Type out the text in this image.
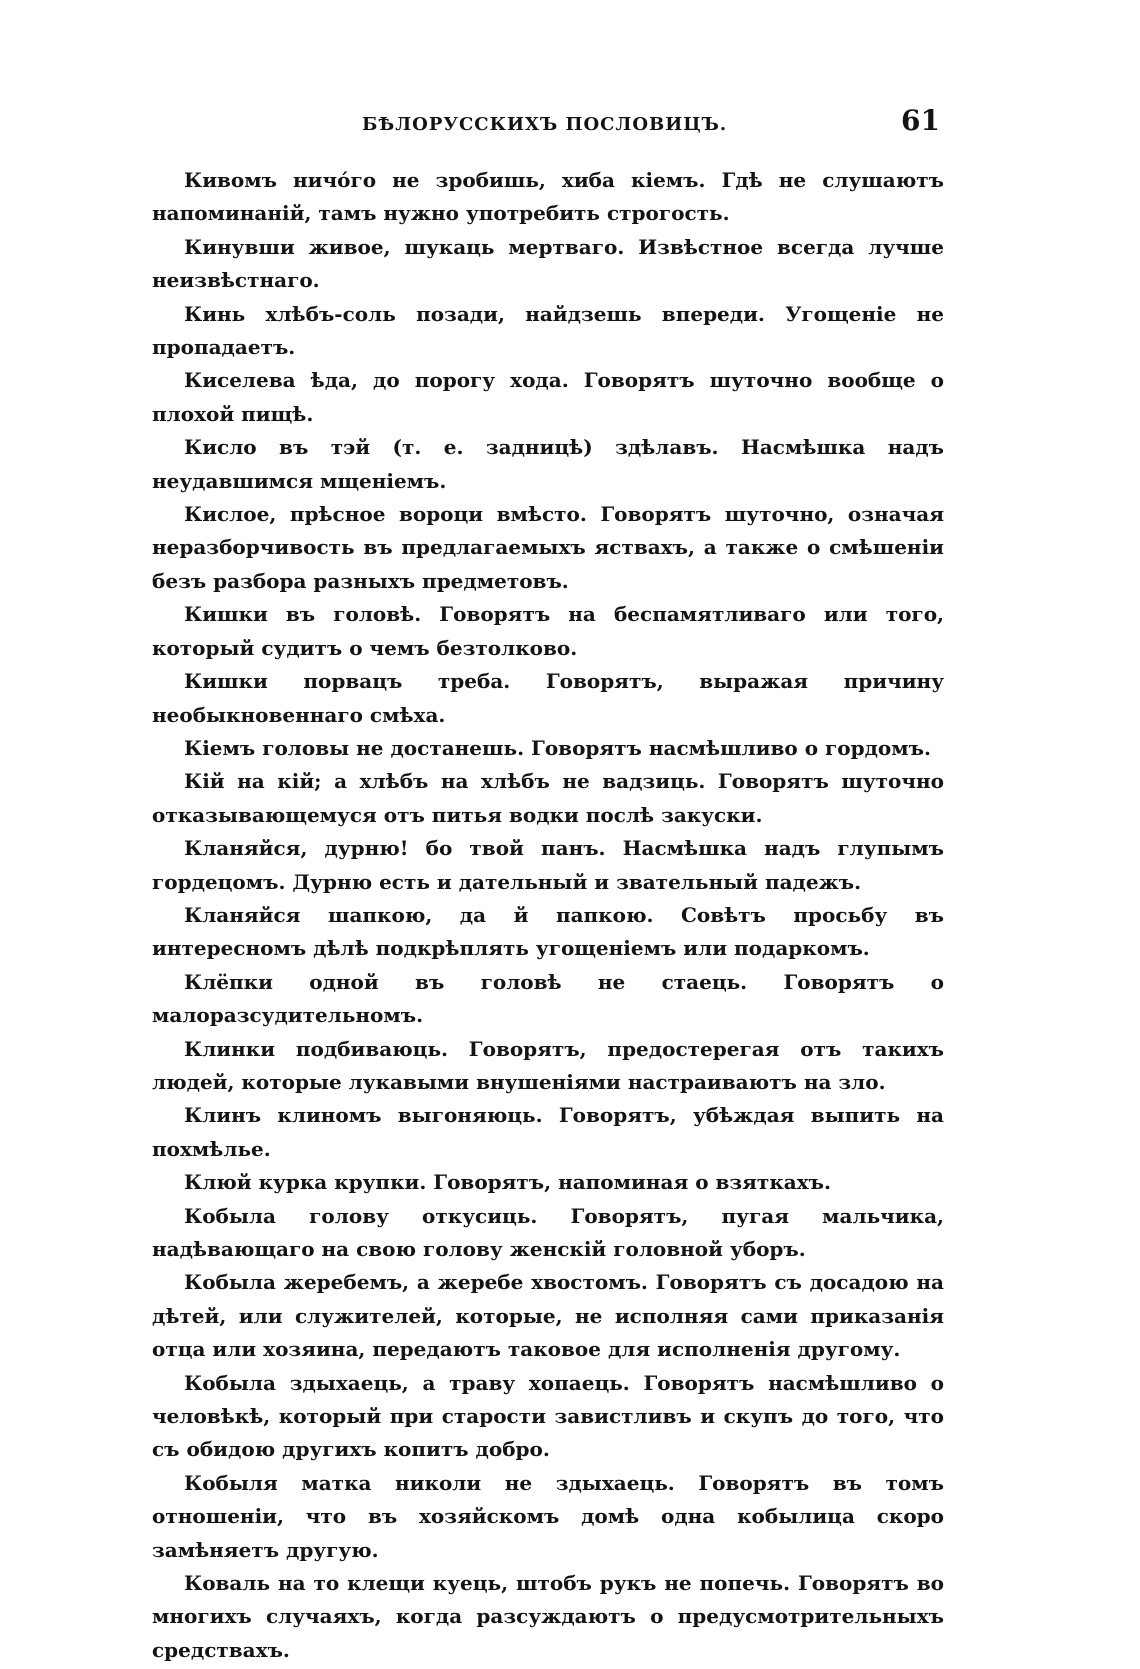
БѢЛОРУССКИХЪ ПОСЛОВИЦЪ.	61

Кивомъ ничо́го не зробишь, хиба кіемъ. Гдѣ не слушаютъ напоминаній, тамъ нужно употребить строгость.

Кинувши живое, шукаць мертваго. Извѣстное всегда лучше неизвѣстнаго.

Кинь хлѣбъ-соль позади, найдзешь впереди. Угощеніе не пропадаетъ.

Киселева ѣда, до порогу хода. Говорятъ шуточно вообще о плохой пищѣ.

Кисло въ тэй (т. е. задницѣ) здѣлавъ. Насмѣшка надъ неудавшимся мщеніемъ.

Кислое, прѣсное вороци вмѣсто. Говорятъ шуточно, означая неразборчивость въ предлагаемыхъ яствахъ, а также о смѣшеніи безъ разбора разныхъ предметовъ.

Кишки въ головѣ. Говорятъ на беспамятливаго или того, который судитъ о чемъ безтолково.

Кишки порвацъ треба. Говорятъ, выражая причину необыкновеннаго смѣха.

Кіемъ головы не достанешь. Говорятъ насмѣшливо о гордомъ.

Кій на кій; а хлѣбъ на хлѣбъ не вадзиць. Говорятъ шуточно отказывающемуся отъ питья водки послѣ закуски.

Кланяйся, дурню! бо твой панъ. Насмѣшка надъ глупымъ гордецомъ. Дурню есть и дательный и звательный падежъ.

Кланяйся шапкою, да й папкою. Совѣтъ просьбу въ интересномъ дѣлѣ подкрѣплять угощеніемъ или подаркомъ.

Клёпки одной въ головѣ не стаець. Говорятъ о малоразсудительномъ.

Клинки подбиваюць. Говорятъ, предостерегая отъ такихъ людей, которые лукавыми внушеніями настраиваютъ на зло.

Клинъ клиномъ выгоняюць. Говорятъ, убѣждая выпить на похмѣлье.

Клюй курка крупки. Говорятъ, напоминая о взяткахъ.

Кобыла голову откусиць. Говорятъ, пугая мальчика, надѣвающаго на свою голову женскій головной уборъ.

Кобыла жеребемъ, а жеребе хвостомъ. Говорятъ съ досадою на дѣтей, или служителей, которые, не исполняя сами приказанія отца или хозяина, передаютъ таковое для исполненія другому.

Кобыла здыхаець, а траву хопаець. Говорятъ насмѣшливо о человѣкѣ, который при старости завистливъ и скупъ до того, что съ обидою другихъ копитъ добро.

Кобыля матка николи не здыхаець. Говорятъ въ томъ отношеніи, что въ хозяйскомъ домѣ одна кобылица скоро замѣняетъ другую.

Коваль на то клещи куець, штобъ рукъ не попечь. Говорятъ во многихъ случаяхъ, когда разсуждаютъ о предусмотрительныхъ средствахъ.
